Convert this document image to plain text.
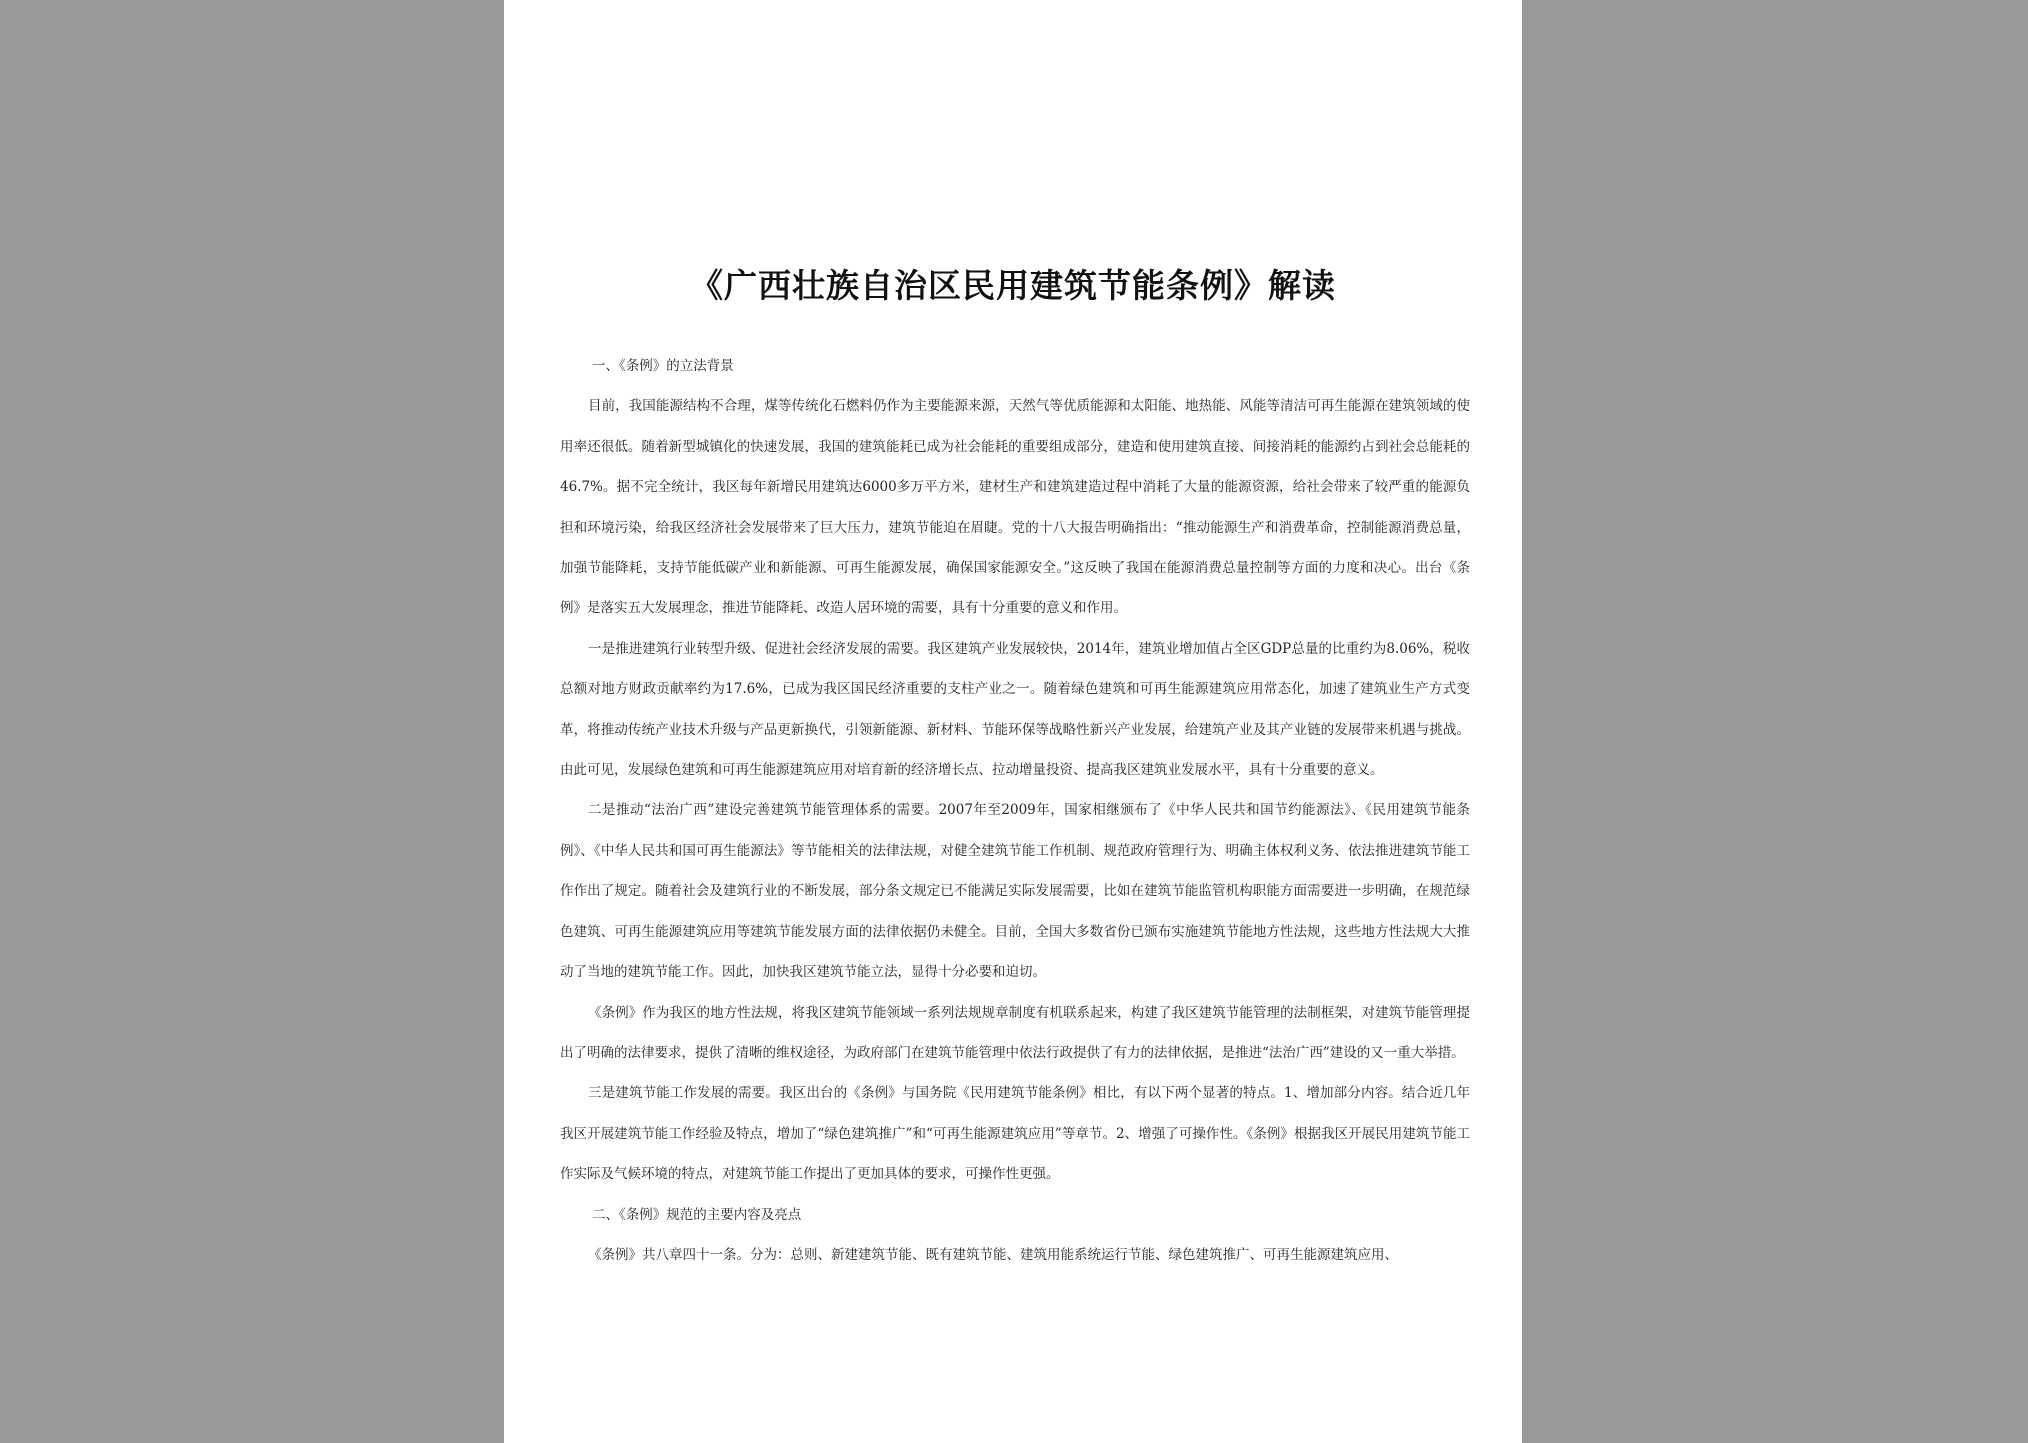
《广西壮族自治区民用建筑节能条例》解读

一、《条例》的立法背景

目前，我国能源结构不合理，煤等传统化石燃料仍作为主要能源来源，天然气等优质能源和太阳能、地热能、风能等清洁可再生能源在建筑领域的使用率还很低。随着新型城镇化的快速发展，我国的建筑能耗已成为社会能耗的重要组成部分，建造和使用建筑直接、间接消耗的能源约占到社会总能耗的46.7%。据不完全统计，我区每年新增民用建筑达6000多万平方米，建材生产和建筑建造过程中消耗了大量的能源资源，给社会带来了较严重的能源负担和环境污染，给我区经济社会发展带来了巨大压力，建筑节能迫在眉睫。党的十八大报告明确指出：“推动能源生产和消费革命，控制能源消费总量，加强节能降耗，支持节能低碳产业和新能源、可再生能源发展，确保国家能源安全。”这反映了我国在能源消费总量控制等方面的力度和决心。出台《条例》是落实五大发展理念，推进节能降耗、改造人居环境的需要，具有十分重要的意义和作用。

一是推进建筑行业转型升级、促进社会经济发展的需要。我区建筑产业发展较快，2014年，建筑业增加值占全区GDP总量的比重约为8.06%，税收总额对地方财政贡献率约为17.6%，已成为我区国民经济重要的支柱产业之一。随着绿色建筑和可再生能源建筑应用常态化，加速了建筑业生产方式变革，将推动传统产业技术升级与产品更新换代，引领新能源、新材料、节能环保等战略性新兴产业发展，给建筑产业及其产业链的发展带来机遇与挑战。由此可见，发展绿色建筑和可再生能源建筑应用对培育新的经济增长点、拉动增量投资、提高我区建筑业发展水平，具有十分重要的意义。

二是推动“法治广西”建设完善建筑节能管理体系的需要。2007年至2009年，国家相继颁布了《中华人民共和国节约能源法》、《民用建筑节能条例》、《中华人民共和国可再生能源法》等节能相关的法律法规，对健全建筑节能工作机制、规范政府管理行为、明确主体权利义务、依法推进建筑节能工作作出了规定。随着社会及建筑行业的不断发展，部分条文规定已不能满足实际发展需要，比如在建筑节能监管机构职能方面需要进一步明确，在规范绿色建筑、可再生能源建筑应用等建筑节能发展方面的法律依据仍未健全。目前，全国大多数省份已颁布实施建筑节能地方性法规，这些地方性法规大大推动了当地的建筑节能工作。因此，加快我区建筑节能立法，显得十分必要和迫切。

《条例》作为我区的地方性法规，将我区建筑节能领域一系列法规规章制度有机联系起来，构建了我区建筑节能管理的法制框架，对建筑节能管理提出了明确的法律要求，提供了清晰的维权途径，为政府部门在建筑节能管理中依法行政提供了有力的法律依据，是推进“法治广西”建设的又一重大举措。

三是建筑节能工作发展的需要。我区出台的《条例》与国务院《民用建筑节能条例》相比，有以下两个显著的特点。1、增加部分内容。结合近几年我区开展建筑节能工作经验及特点，增加了“绿色建筑推广”和“可再生能源建筑应用”等章节。2、增强了可操作性。《条例》根据我区开展民用建筑节能工作实际及气候环境的特点，对建筑节能工作提出了更加具体的要求，可操作性更强。

二、《条例》规范的主要内容及亮点

《条例》共八章四十一条。分为：总则、新建建筑节能、既有建筑节能、建筑用能系统运行节能、绿色建筑推广、可再生能源建筑应用、
